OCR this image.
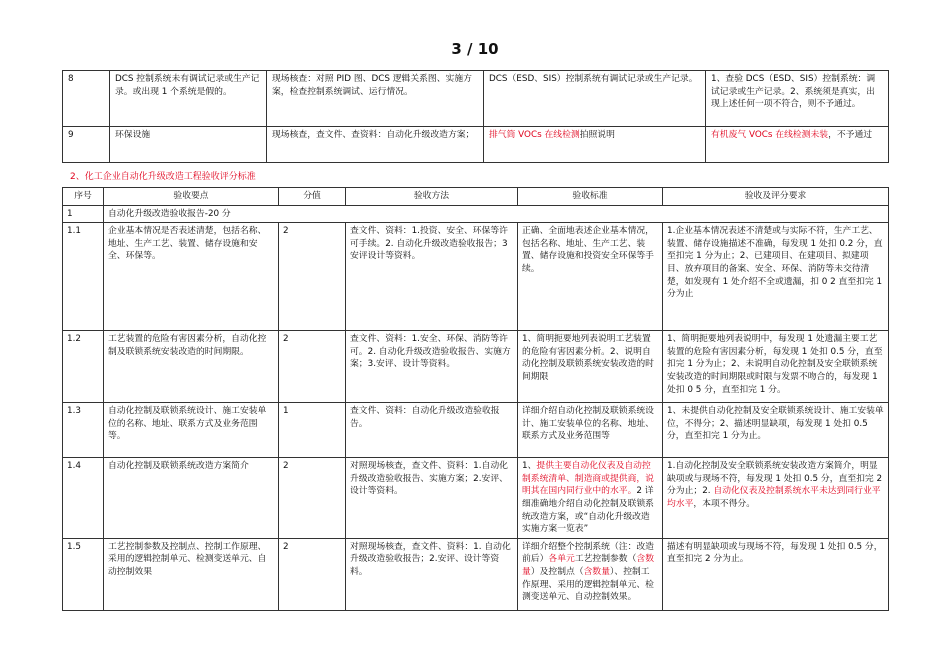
3 / 10
8	DCS 控制系统未有调试记录或生产记录。或出现 1 个系统是假的。	现场核查：对照 PID 图、DCS 逻辑关系图、实施方案，检查控制系统调试、运行情况。	DCS（ESD、SIS）控制系统有调试记录或生产记录。	1、查验 DCS（ESD、SIS）控制系统：调试记录或生产记录。2、系统须是真实，出现上述任何一项不符合，则不予通过。
9	环保设施	现场核查，查文件、查资料：自动化升级改造方案；	排气筒 VOCs 在线检测拍照说明	有机废气 VOCs 在线检测未装，不予通过
2、化工企业自动化升级改造工程验收评分标准
序号	验收要点	分值	验收方法	验收标准	验收及评分要求
1	自动化升级改造验收报告-20 分				
1.1	企业基本情况是否表述清楚，包括名称、地址、生产工艺、装置、储存设施和安全、环保等。	2	查文件、资料：1.投资、安全、环保等许可手续。2. 自动化升级改造验收报告；3 安评设计等资料。	正确、全面地表述企业基本情况，包括名称、地址、生产工艺、装置、储存设施和投资安全环保等手续。	1.企业基本情况表述不清楚或与实际不符，生产工艺、装置、储存设施描述不准确，每发现 1 处扣 0.2 分，直至扣完 1 分为止；2、已建项目、在建项目、拟建项目、放弃项目的备案、安全、环保、消防等未交待清楚，如发现有 1 处介绍不全或遗漏，扣 0 2 直至扣完 1 分为止
1.2	工艺装置的危险有害因素分析，自动化控制及联锁系统安装改造的时间期限。	2	查文件、资料：1.安全、环保、消防等许可。2. 自动化升级改造验收报告、实施方案；3.安评、设计等资料。	1、简明扼要地列表说明工艺装置的危险有害因素分析。2、说明自动化控制及联锁系统安装改造的时间期限	1、简明扼要地列表说明中，每发现 1 处遗漏主要工艺装置的危险有害因素分析，每发现 1 处扣 0.5 分，直至扣完 1 分为止；2、未说明自动化控制及安全联锁系统安装改造的时间期限或时限与发票不吻合的，每发现 1 处扣 0 5 分，直至扣完 1 分。
1.3	自动化控制及联锁系统设计、施工安装单位的名称、地址、联系方式及业务范围等。	1	查文件、资料：自动化升级改造验收报告。	详细介绍自动化控制及联锁系统设计、施工安装单位的名称、地址、联系方式及业务范围等	1、未提供自动化控制及安全联锁系统设计、施工安装单位，不得分；2、描述明显缺项，每发现 1 处扣 0.5 分，直至扣完 1 分为止。
1.4	自动化控制及联锁系统改造方案简介	2	对照现场核查，查文件、资料：1.自动化升级改造验收报告、实施方案；2.安评、设计等资料。	1、提供主要自动化仪表及自动控制系统清单、制造商或提供商，说明其在国内同行业中的水平。2 详细准确地介绍自动化控制及联锁系统改造方案，或“自动化升级改造实施方案一览表”	1.自动化控制及安全联锁系统安装改造方案简介，明显缺项或与现场不符，每发现 1 处扣 0.5 分，直至扣完 2 分为止；2. 自动化仪表及控制系统水平未达到同行业平均水平，本项不得分。
1.5	工艺控制参数及控制点、控制工作原理、采用的逻辑控制单元、检测变送单元、自动控制效果	2	对照现场核查，查文件、资料：1. 自动化升级改造验收报告；2.安评、设计等资料。	详细介绍整个控制系统（注：改造前后）各单元工艺控制参数（含数量）及控制点（含数量）、控制工作原理、采用的逻辑控制单元、检测变送单元、自动控制效果。	描述有明显缺项或与现场不符，每发现 1 处扣 0.5 分，直至扣完 2 分为止。
